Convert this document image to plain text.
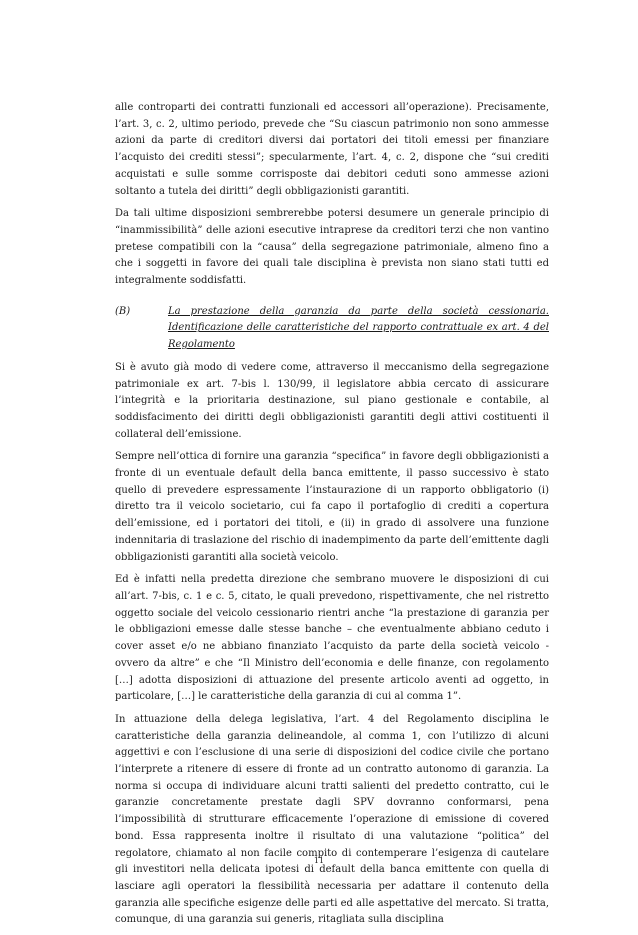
alle controparti dei contratti funzionali ed accessori all’operazione). Precisamente, l’art. 3, c. 2, ultimo periodo, prevede che “Su ciascun patrimonio non sono ammesse azioni da parte di creditori diversi dai portatori dei titoli emessi per finanziare l’acquisto dei crediti stessi”; specularmente, l’art. 4, c. 2, dispone che “sui crediti acquistati e sulle somme corrisposte dai debitori ceduti sono ammesse azioni soltanto a tutela dei diritti” degli obbligazionisti garantiti.

Da tali ultime disposizioni sembrerebbe potersi desumere un generale principio di “inammissibilità” delle azioni esecutive intraprese da creditori terzi che non vantino pretese compatibili con la “causa” della segregazione patrimoniale, almeno fino a che i soggetti in favore dei quali tale disciplina è prevista non siano stati tutti ed integralmente soddisfatti.

(B)	La prestazione della garanzia da parte della società cessionaria. Identificazione delle caratteristiche del rapporto contrattuale ex art. 4 del Regolamento

Si è avuto già modo di vedere come, attraverso il meccanismo della segregazione patrimoniale ex art. 7-bis l. 130/99, il legislatore abbia cercato di assicurare l’integrità e la prioritaria destinazione, sul piano gestionale e contabile, al soddisfacimento dei diritti degli obbligazionisti garantiti degli attivi costituenti il collateral dell’emissione.

Sempre nell’ottica di fornire una garanzia “specifica” in favore degli obbligazionisti a fronte di un eventuale default della banca emittente, il passo successivo è stato quello di prevedere espressamente l’instaurazione di un rapporto obbligatorio (i) diretto tra il veicolo societario, cui fa capo il portafoglio di crediti a copertura dell’emissione, ed i portatori dei titoli, e (ii) in grado di assolvere una funzione indennitaria di traslazione del rischio di inadempimento da parte dell’emittente dagli obbligazionisti garantiti alla società veicolo.

Ed è infatti nella predetta direzione che sembrano muovere le disposizioni di cui all’art. 7-bis, c. 1 e c. 5, citato, le quali prevedono, rispettivamente, che nel ristretto oggetto sociale del veicolo cessionario rientri anche “la prestazione di garanzia per le obbligazioni emesse dalle stesse banche – che eventualmente abbiano ceduto i cover asset e/o ne abbiano finanziato l’acquisto da parte della società veicolo - ovvero da altre” e che “Il Ministro dell’economia e delle finanze, con regolamento […] adotta disposizioni di attuazione del presente articolo aventi ad oggetto, in particolare, […] le caratteristiche della garanzia di cui al comma 1”.

In attuazione della delega legislativa, l’art. 4 del Regolamento disciplina le caratteristiche della garanzia delineandole, al comma 1, con l’utilizzo di alcuni aggettivi e con l’esclusione di una serie di disposizioni del codice civile che portano l’interprete a ritenere di essere di fronte ad un contratto autonomo di garanzia. La norma si occupa di individuare alcuni tratti salienti del predetto contratto, cui le garanzie concretamente prestate dagli SPV dovranno conformarsi, pena l’impossibilità di strutturare efficacemente l’operazione di emissione di covered bond. Essa rappresenta inoltre il risultato di una valutazione “politica” del regolatore, chiamato al non facile compito di contemperare l’esigenza di cautelare gli investitori nella delicata ipotesi di default della banca emittente con quella di lasciare agli operatori la flessibilità necessaria per adattare il contenuto della garanzia alle specifiche esigenze delle parti ed alle aspettative del mercato. Si tratta, comunque, di una garanzia sui generis, ritagliata sulla disciplina

11
